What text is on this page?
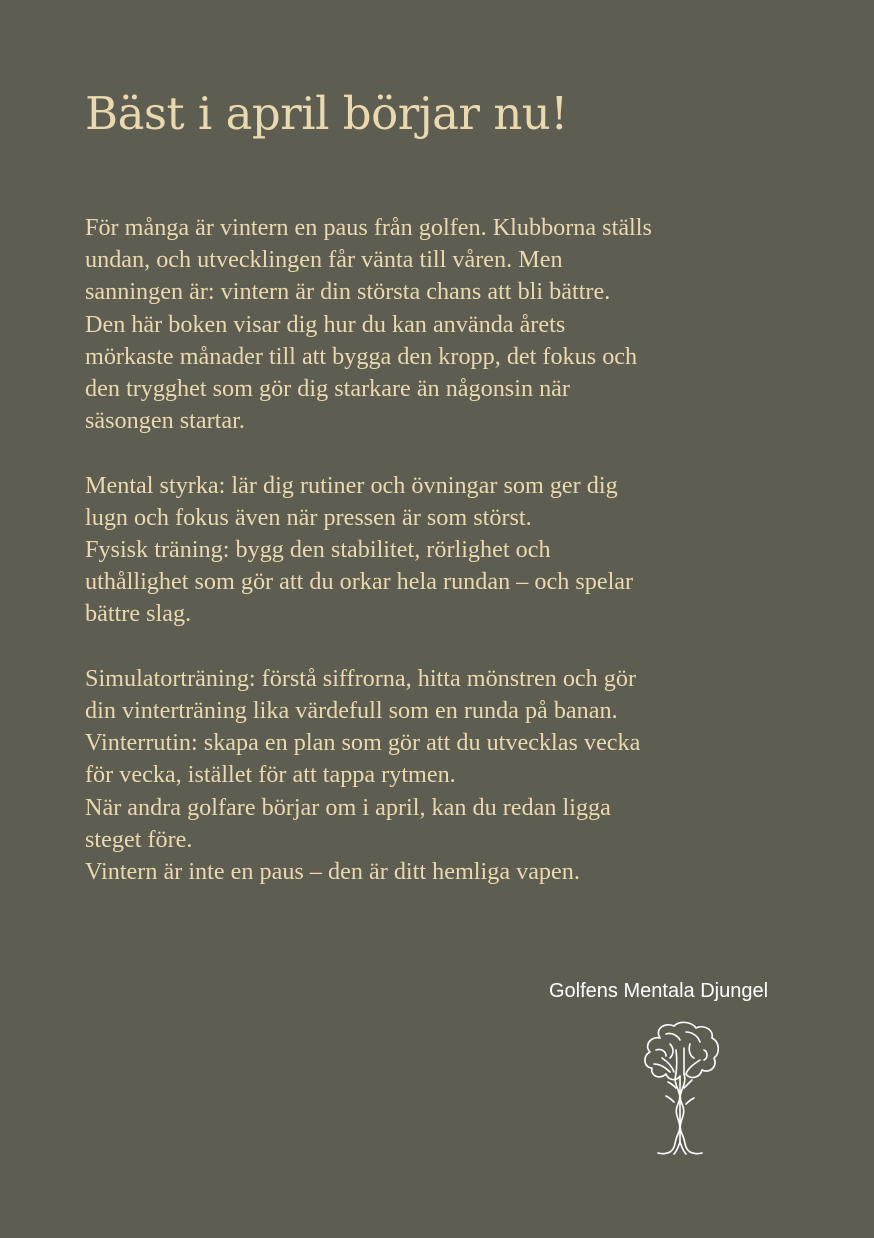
Bäst i april börjar nu!

För många är vintern en paus från golfen. Klubborna ställs
undan, och utvecklingen får vänta till våren. Men
sanningen är: vintern är din största chans att bli bättre.
Den här boken visar dig hur du kan använda årets
mörkaste månader till att bygga den kropp, det fokus och
den trygghet som gör dig starkare än någonsin när
säsongen startar.

Mental styrka: lär dig rutiner och övningar som ger dig
lugn och fokus även när pressen är som störst.
Fysisk träning: bygg den stabilitet, rörlighet och
uthållighet som gör att du orkar hela rundan – och spelar
bättre slag.

Simulatorträning: förstå siffrorna, hitta mönstren och gör
din vinterträning lika värdefull som en runda på banan.
Vinterrutin: skapa en plan som gör att du utvecklas vecka
för vecka, istället för att tappa rytmen.
När andra golfare börjar om i april, kan du redan ligga
steget före.
Vintern är inte en paus – den är ditt hemliga vapen.

Golfens Mentala Djungel
